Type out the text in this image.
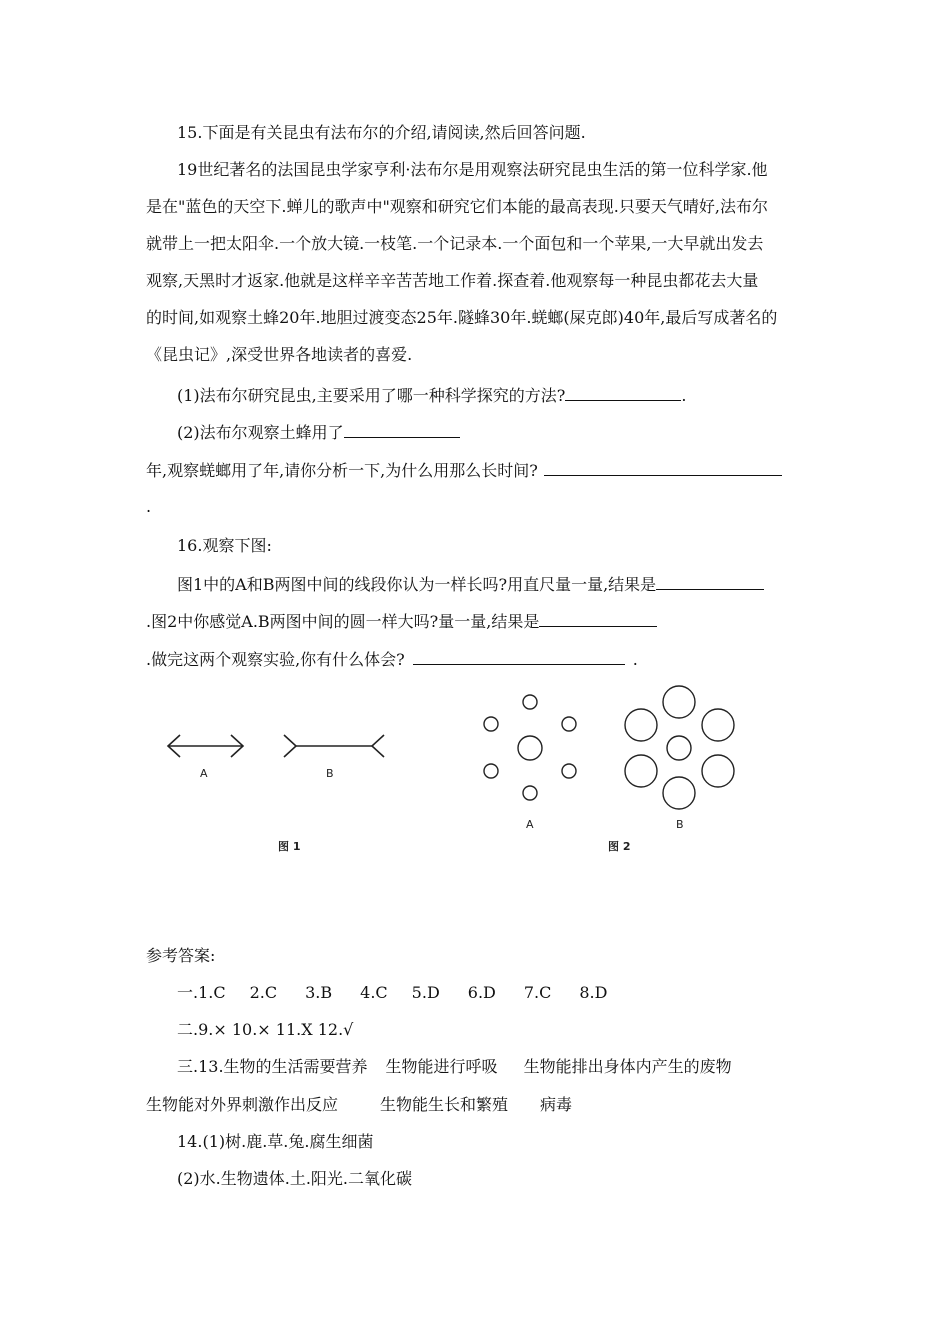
15.下面是有关昆虫有法布尔的介绍,请阅读,然后回答问题.
19世纪著名的法国昆虫学家亨利·法布尔是用观察法研究昆虫生活的第一位科学家.他
是在"蓝色的天空下.蝉儿的歌声中"观察和研究它们本能的最高表现.只要天气晴好,法布尔
就带上一把太阳伞.一个放大镜.一枝笔.一个记录本.一个面包和一个苹果,一大早就出发去
观察,天黑时才返家.他就是这样辛辛苦苦地工作着.探查着.他观察每一种昆虫都花去大量
的时间,如观察土蜂20年.地胆过渡变态25年.隧蜂30年.蜣螂(屎克郎)40年,最后写成著名的
《昆虫记》,深受世界各地读者的喜爱.
(1)法布尔研究昆虫,主要采用了哪一种科学探究的方法?	.
(2)法布尔观察土蜂用了
年,观察蜣螂用了年,请你分析一下,为什么用那么长时间?
.
16.观察下图:
图1中的A和B两图中间的线段你认为一样长吗?用直尺量一量,结果是
.图2中你感觉A.B两图中间的圆一样大吗?量一量,结果是
.做完这两个观察实验,你有什么体会?	.
A	B
图 1
A	B
图 2
参考答案:
一.1.C 2.C 3.B 4.C 5.D 6.D 7.C 8.D
二.9.× 10.× 11.X 12.√
三.13.生物的生活需要营养 生物能进行呼吸 生物能排出身体内产生的废物
生物能对外界刺激作出反应	生物能生长和繁殖 病毒
14.(1)树.鹿.草.兔.腐生细菌
(2)水.生物遗体.土.阳光.二氧化碳
